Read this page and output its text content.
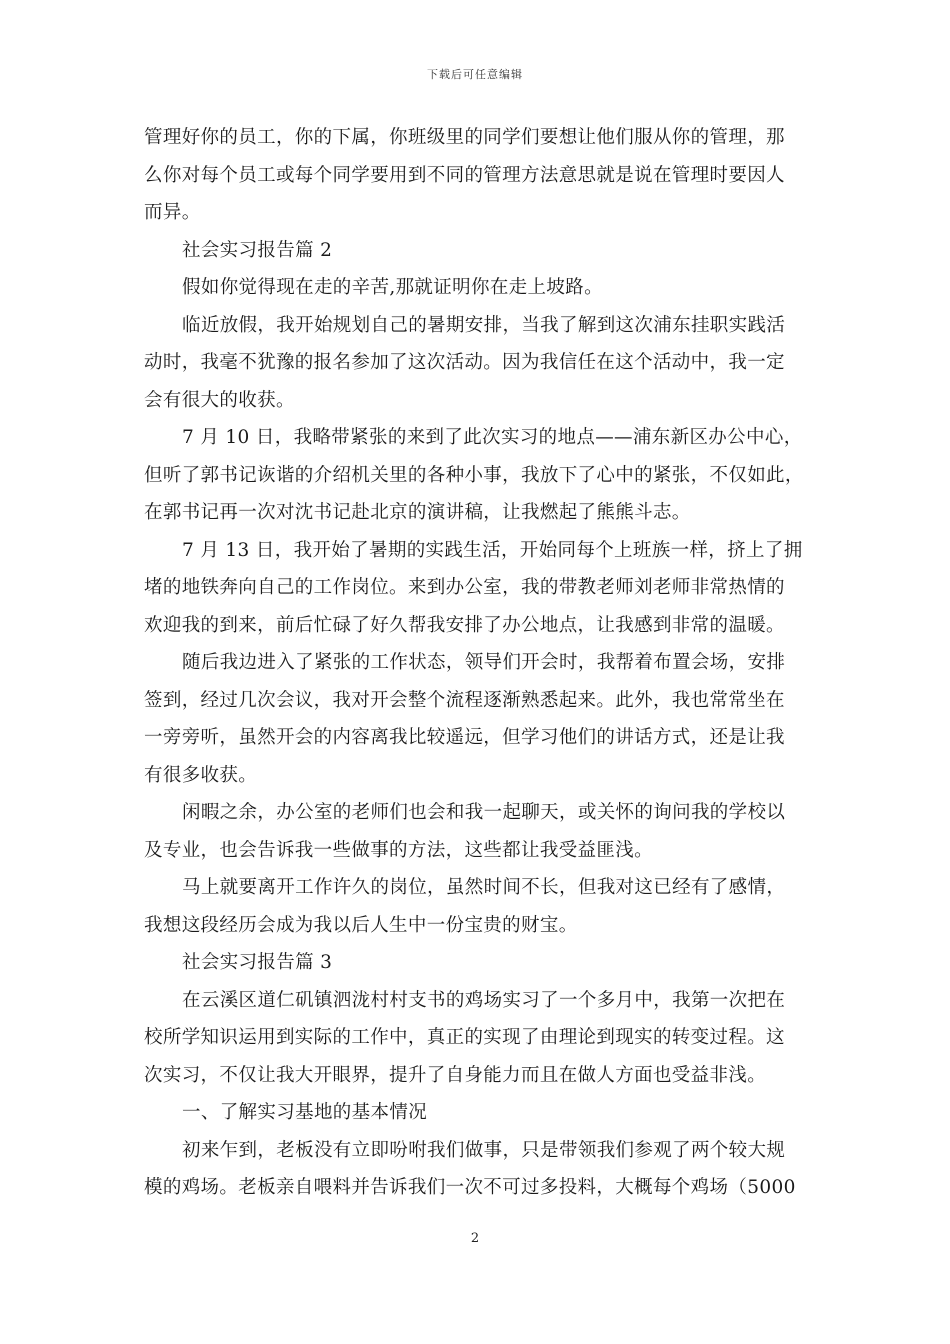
下载后可任意编辑
管理好你的员工，你的下属，你班级里的同学们要想让他们服从你的管理，那
么你对每个员工或每个同学要用到不同的管理方法意思就是说在管理时要因人
而异。
社会实习报告篇 2
假如你觉得现在走的辛苦,那就证明你在走上坡路。
临近放假，我开始规划自己的暑期安排，当我了解到这次浦东挂职实践活
动时，我毫不犹豫的报名参加了这次活动。因为我信任在这个活动中，我一定
会有很大的收获。
7 月 10 日，我略带紧张的来到了此次实习的地点——浦东新区办公中心，
但听了郭书记诙谐的介绍机关里的各种小事，我放下了心中的紧张，不仅如此，
在郭书记再一次对沈书记赴北京的演讲稿，让我燃起了熊熊斗志。
7 月 13 日，我开始了暑期的实践生活，开始同每个上班族一样，挤上了拥
堵的地铁奔向自己的工作岗位。来到办公室，我的带教老师刘老师非常热情的
欢迎我的到来，前后忙碌了好久帮我安排了办公地点，让我感到非常的温暖。
随后我边进入了紧张的工作状态，领导们开会时，我帮着布置会场，安排
签到，经过几次会议，我对开会整个流程逐渐熟悉起来。此外，我也常常坐在
一旁旁听，虽然开会的内容离我比较遥远，但学习他们的讲话方式，还是让我
有很多收获。
闲暇之余，办公室的老师们也会和我一起聊天，或关怀的询问我的学校以
及专业，也会告诉我一些做事的方法，这些都让我受益匪浅。
马上就要离开工作许久的岗位，虽然时间不长，但我对这已经有了感情，
我想这段经历会成为我以后人生中一份宝贵的财宝。
社会实习报告篇 3
在云溪区道仁矶镇泗泷村村支书的鸡场实习了一个多月中，我第一次把在
校所学知识运用到实际的工作中，真正的实现了由理论到现实的转变过程。这
次实习，不仅让我大开眼界，提升了自身能力而且在做人方面也受益非浅。
一、了解实习基地的基本情况
初来乍到，老板没有立即吩咐我们做事，只是带领我们参观了两个较大规
模的鸡场。老板亲自喂料并告诉我们一次不可过多投料，大概每个鸡场（5000
2
